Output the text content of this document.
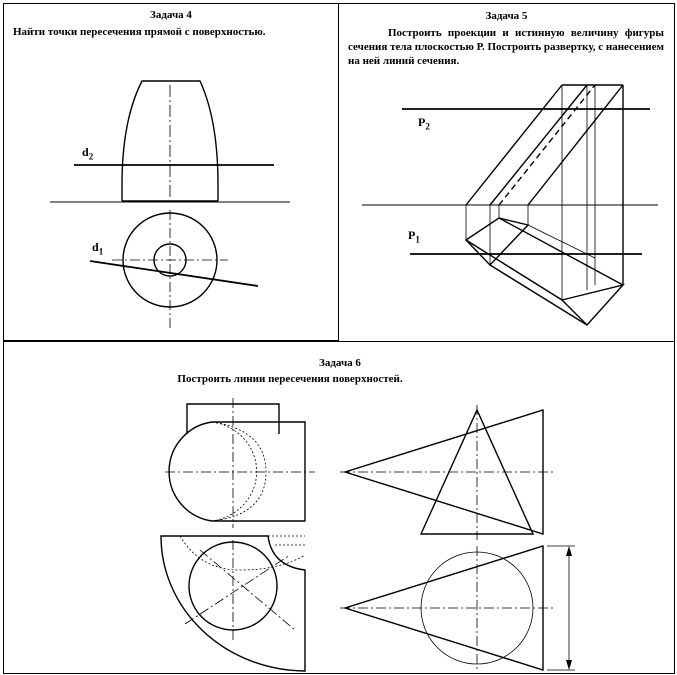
Задача 4
Найти точки пересечения прямой с поверхностью.
Задача 5
Построить проекции и истинную величину фигуры сечения тела плоскостью Р. Построить развертку, с нанесением на ней линий сечения.
Задача 6
Построить линии пересечения поверхностей.
$d_2$
$d_1$
$P_2$
$P_1$
